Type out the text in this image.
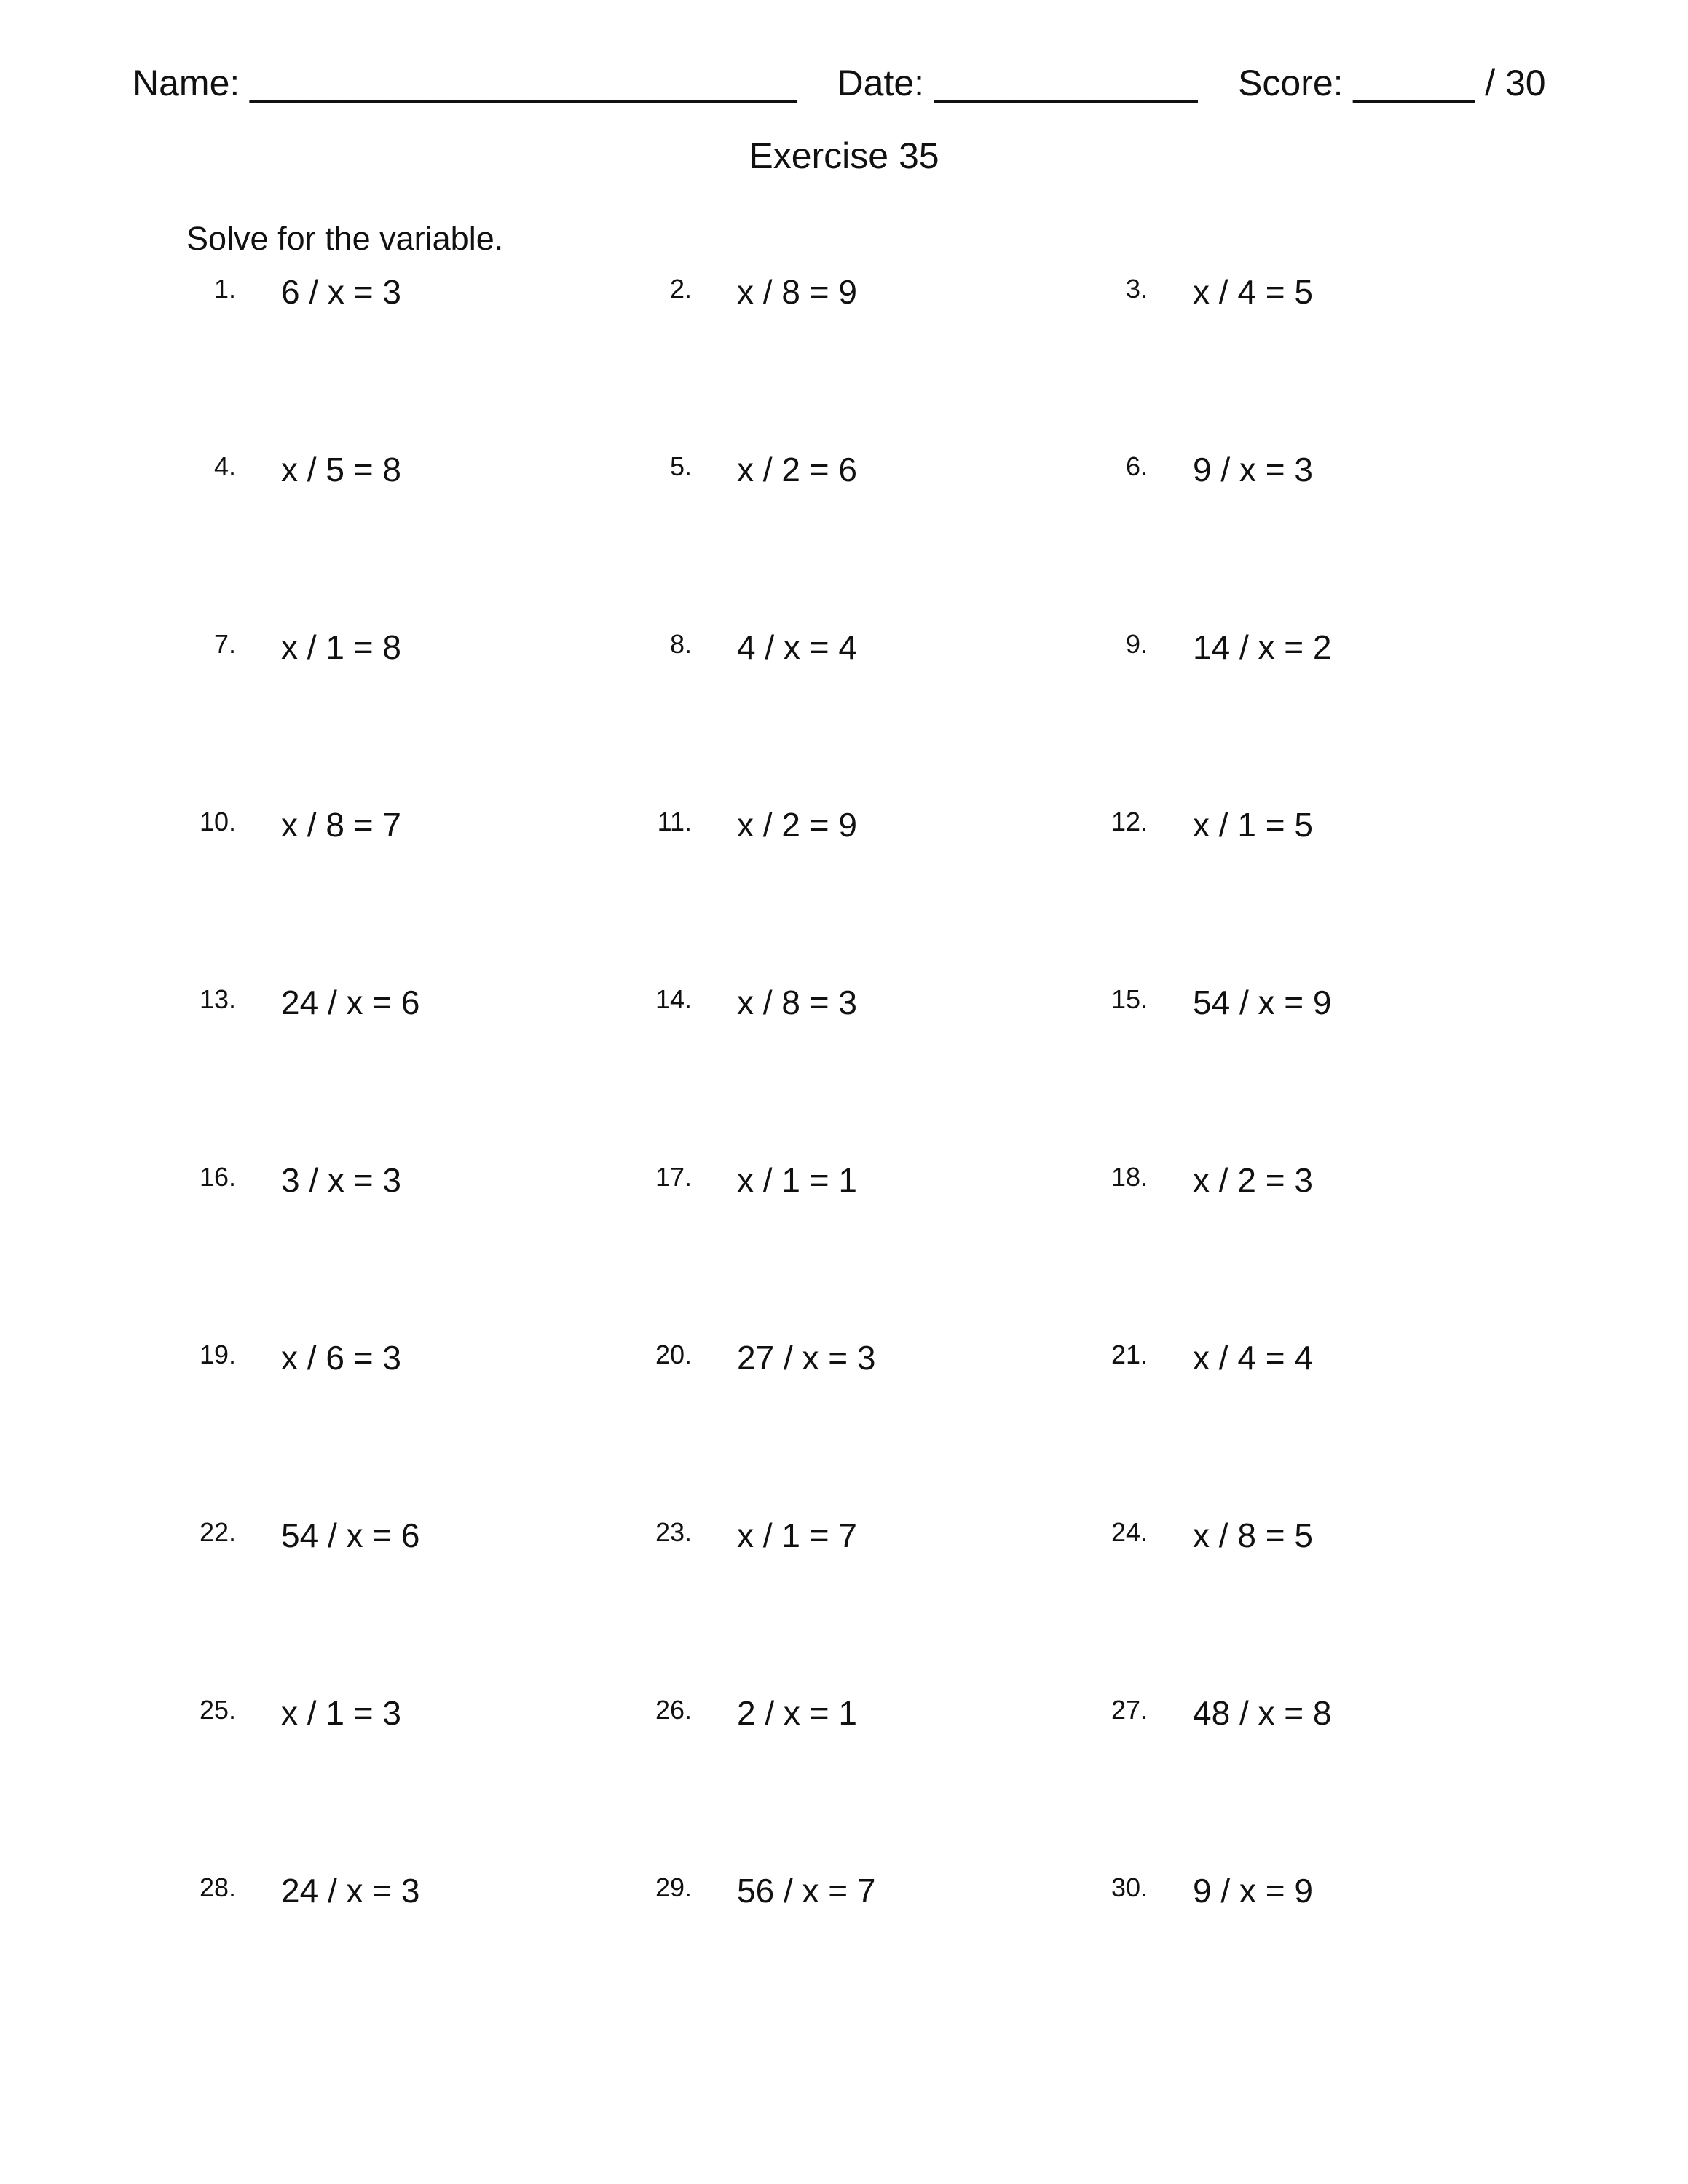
Name: ___________________________ Date: _____________ Score: ______ / 30
Exercise 35
Solve for the variable.
1. 6 / x = 3	2. x / 8 = 9	3. x / 4 = 5
4. x / 5 = 8	5. x / 2 = 6	6. 9 / x = 3
7. x / 1 = 8	8. 4 / x = 4	9. 14 / x = 2
10. x / 8 = 7	11. x / 2 = 9	12. x / 1 = 5
13. 24 / x = 6	14. x / 8 = 3	15. 54 / x = 9
16. 3 / x = 3	17. x / 1 = 1	18. x / 2 = 3
19. x / 6 = 3	20. 27 / x = 3	21. x / 4 = 4
22. 54 / x = 6	23. x / 1 = 7	24. x / 8 = 5
25. x / 1 = 3	26. 2 / x = 1	27. 48 / x = 8
28. 24 / x = 3	29. 56 / x = 7	30. 9 / x = 9
